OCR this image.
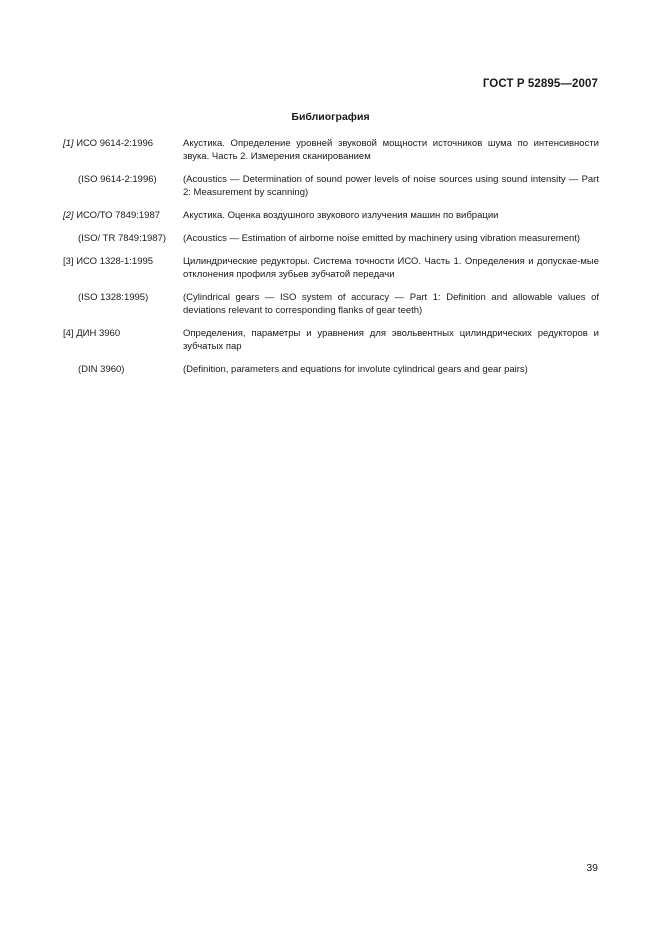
ГОСТ Р 52895—2007
Библиография
[1] ИСО 9614-2:1996	Акустика. Определение уровней звуковой мощности источников шума по интенсивности звука. Часть 2. Измерения сканированием
(ISO 9614-2:1996)	(Acoustics — Determination of sound power levels of noise sources using sound intensity — Part 2: Measurement by scanning)
[2] ИСО/ТО 7849:1987	Акустика. Оценка воздушного звукового излучения машин по вибрации
(ISO/ TR 7849:1987)	(Acoustics — Estimation of airborne noise emitted by machinery using vibration measurement)
[3] ИСО 1328-1:1995	Цилиндрические редукторы. Система точности ИСО. Часть 1. Определения и допускае-мые отклонения профиля зубьев зубчатой передачи
(ISO 1328:1995)	(Cylindrical gears — ISO system of accuracy — Part 1: Definition and allowable values of deviations relevant to corresponding flanks of gear teeth)
[4] ДИН 3960	Определения, параметры и уравнения для эвольвентных цилиндрических редукторов и зубчатых пар
(DIN 3960)	(Definition, parameters and equations for involute cylindrical gears and gear pairs)
39
